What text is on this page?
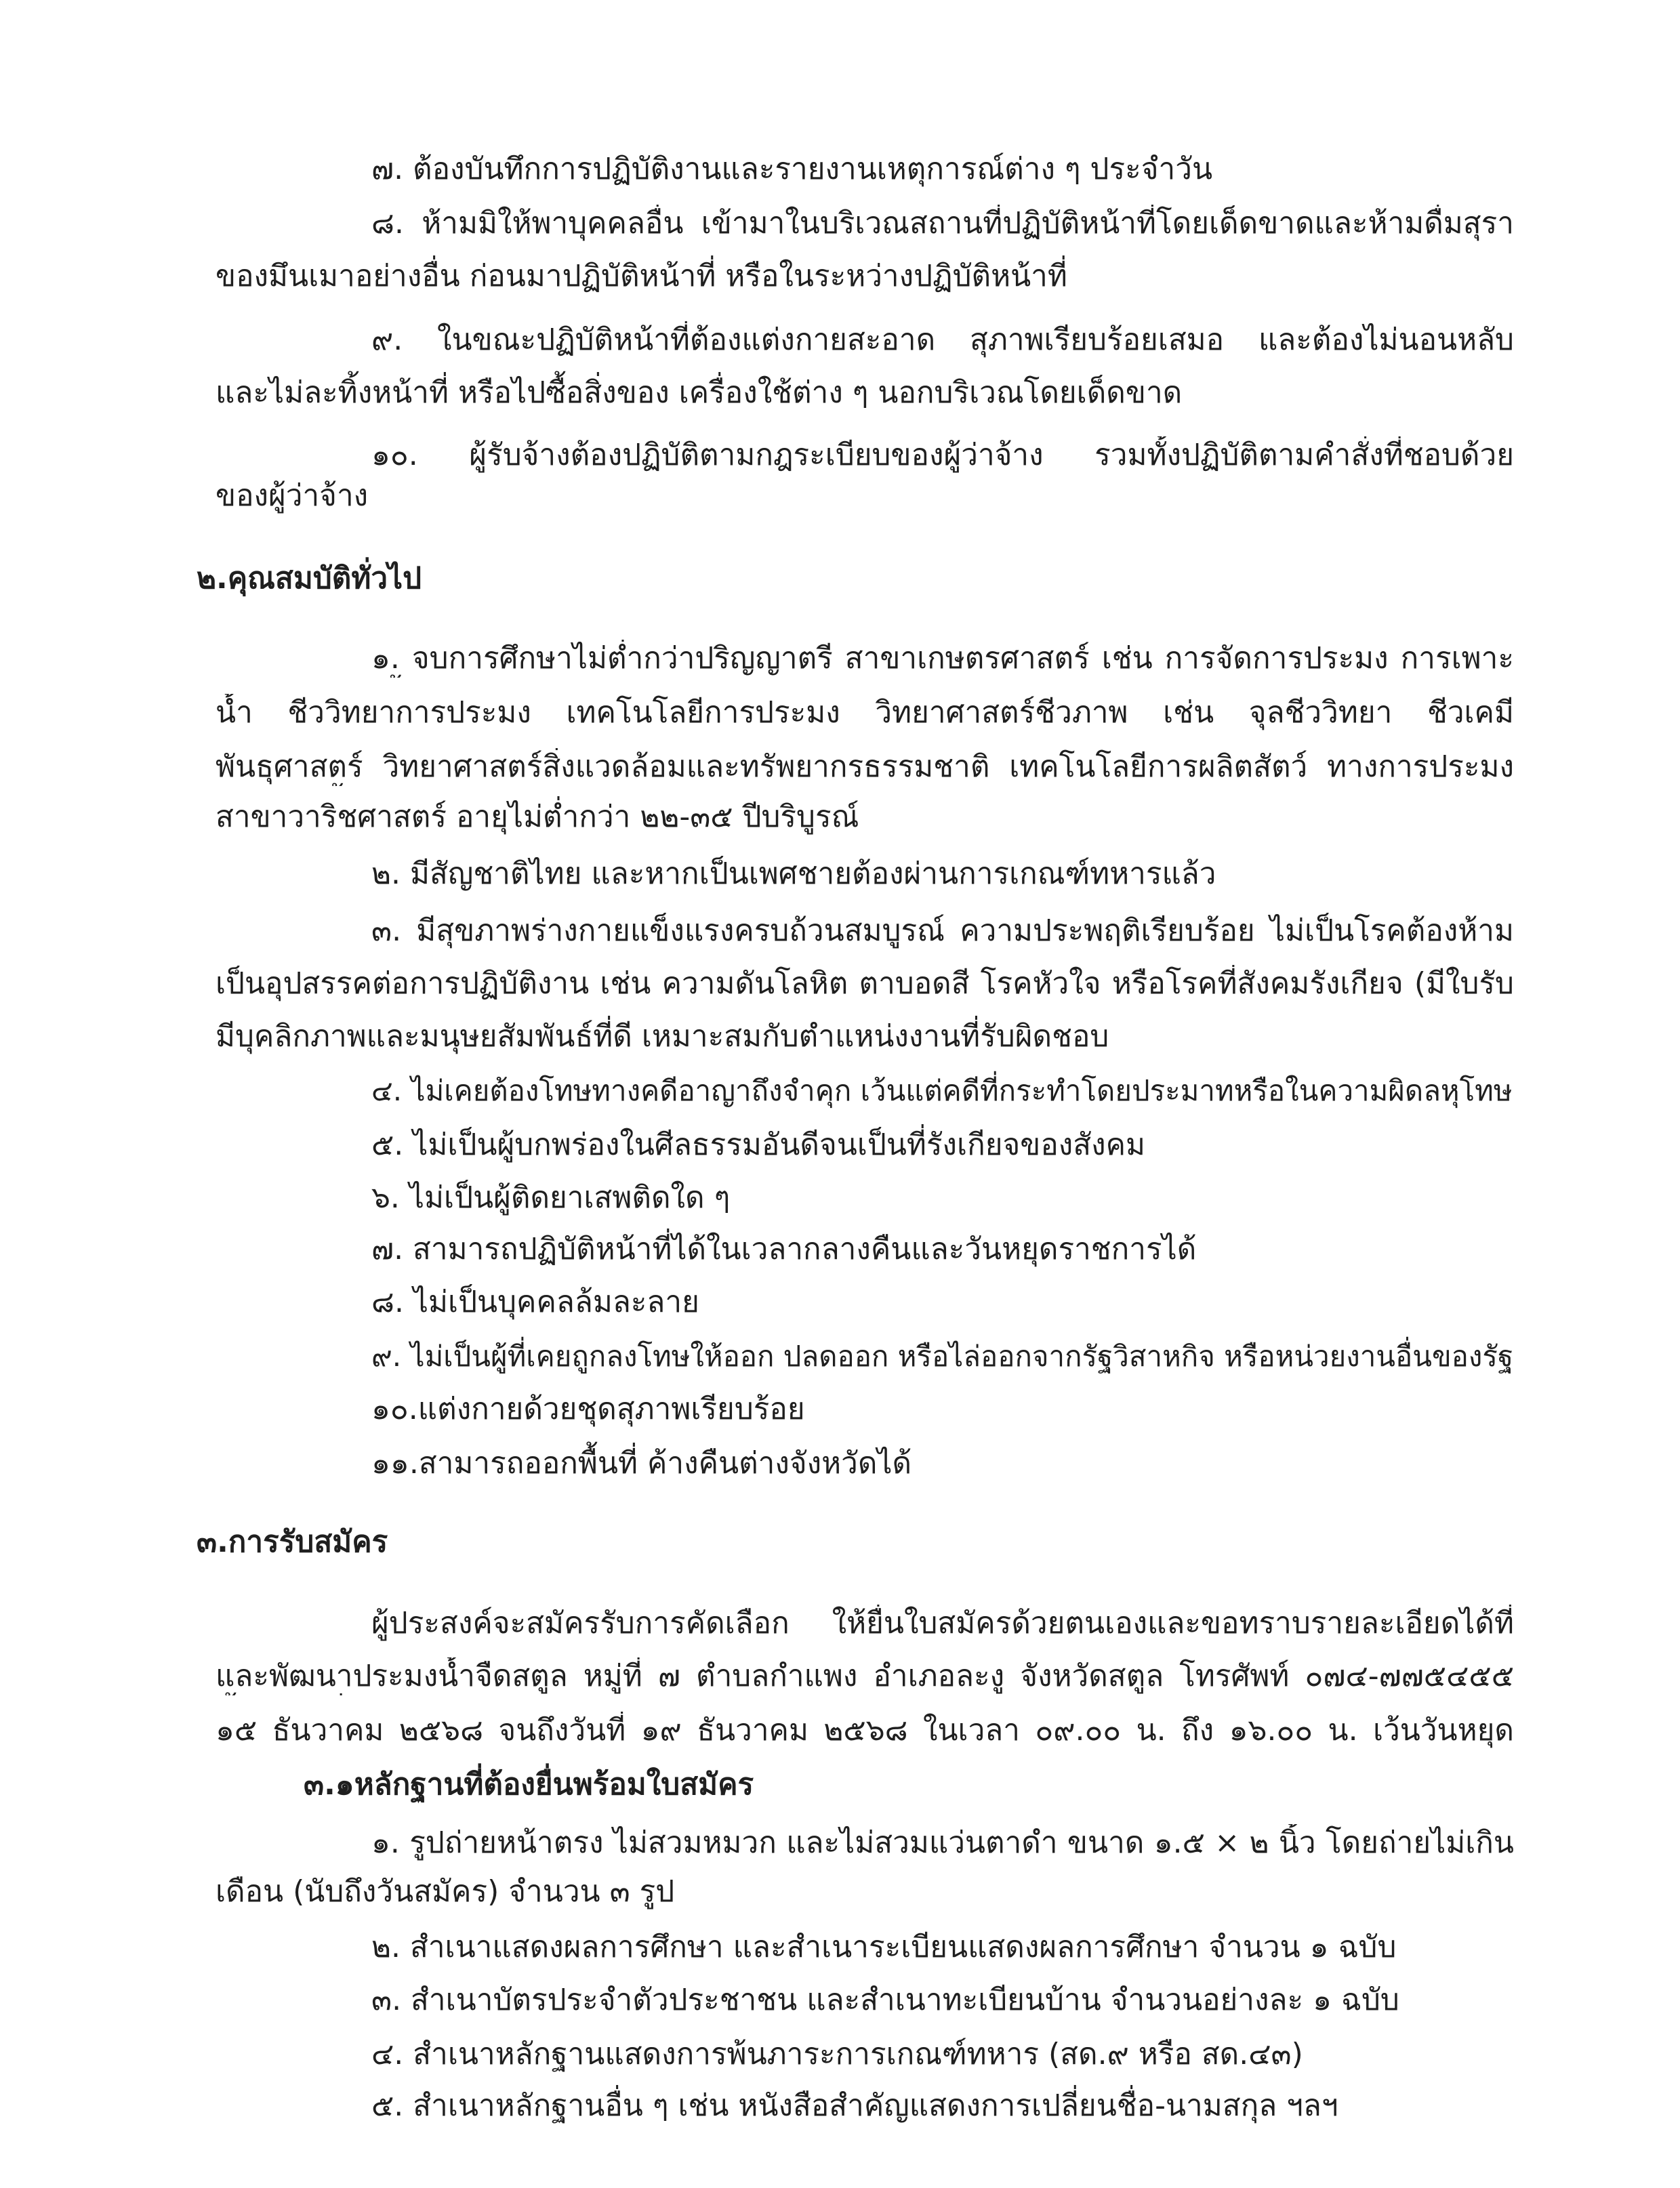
๗. ต้องบันทึกการปฏิบัติงานและรายงานเหตุการณ์ต่าง ๆ ประจำวัน
๘. ห้ามมิให้พาบุคคลอื่น เข้ามาในบริเวณสถานที่ปฏิบัติหน้าที่โดยเด็ดขาดและห้ามดื่มสุรา
ของมึนเมาอย่างอื่น ก่อนมาปฏิบัติหน้าที่ หรือในระหว่างปฏิบัติหน้าที่
๙. ในขณะปฏิบัติหน้าที่ต้องแต่งกายสะอาด สุภาพเรียบร้อยเสมอ และต้องไม่นอนหลับ
และไม่ละทิ้งหน้าที่ หรือไปซื้อสิ่งของ เครื่องใช้ต่าง ๆ นอกบริเวณโดยเด็ดขาด
๑๐. ผู้รับจ้างต้องปฏิบัติตามกฎระเบียบของผู้ว่าจ้าง รวมทั้งปฏิบัติตามคำสั่งที่ชอบด้วย
ของผู้ว่าจ้าง
๒.คุณสมบัติทั่วไป
๑. จบการศึกษาไม่ต่ำกว่าปริญญาตรี สาขาเกษตรศาสตร์ เช่น การจัดการประมง การเพาะ
น้ำ ชีววิทยาการประมง เทคโนโลยีการประมง วิทยาศาสตร์ชีวภาพ เช่น จุลชีววิทยา ชีวเคมี
พันธุศาสตร์ วิทยาศาสตร์สิ่งแวดล้อมและทรัพยากรธรรมชาติ เทคโนโลยีการผลิตสัตว์ ทางการประมง
สาขาวาริชศาสตร์ อายุไม่ต่ำกว่า ๒๒-๓๕ ปีบริบูรณ์
๒. มีสัญชาติไทย และหากเป็นเพศชายต้องผ่านการเกณฑ์ทหารแล้ว
๓. มีสุขภาพร่างกายแข็งแรงครบถ้วนสมบูรณ์ ความประพฤติเรียบร้อย ไม่เป็นโรคต้องห้าม
เป็นอุปสรรคต่อการปฏิบัติงาน เช่น ความดันโลหิต ตาบอดสี โรคหัวใจ หรือโรคที่สังคมรังเกียจ (มีใบรับ
มีบุคลิกภาพและมนุษยสัมพันธ์ที่ดี เหมาะสมกับตำแหน่งงานที่รับผิดชอบ
๔. ไม่เคยต้องโทษทางคดีอาญาถึงจำคุก เว้นแต่คดีที่กระทำโดยประมาทหรือในความผิดลหุโทษ
๕. ไม่เป็นผู้บกพร่องในศีลธรรมอันดีจนเป็นที่รังเกียจของสังคม
๖. ไม่เป็นผู้ติดยาเสพติดใด ๆ
๗. สามารถปฏิบัติหน้าที่ได้ในเวลากลางคืนและวันหยุดราชการได้
๘. ไม่เป็นบุคคลล้มละลาย
๙. ไม่เป็นผู้ที่เคยถูกลงโทษให้ออก ปลดออก หรือไล่ออกจากรัฐวิสาหกิจ หรือหน่วยงานอื่นของรัฐ
๑๐.แต่งกายด้วยชุดสุภาพเรียบร้อย
๑๑.สามารถออกพื้นที่ ค้างคืนต่างจังหวัดได้
๓.การรับสมัคร
ผู้ประสงค์จะสมัครรับการคัดเลือก ให้ยื่นใบสมัครด้วยตนเองและขอทราบรายละเอียดได้ที่
และพัฒนาประมงน้ำจืดสตูล หมู่ที่ ๗ ตำบลกำแพง อำเภอละงู จังหวัดสตูล โทรศัพท์ ๐๗๔-๗๗๕๔๕๕
๑๕ ธันวาคม ๒๕๖๘ จนถึงวันที่ ๑๙ ธันวาคม ๒๕๖๘ ในเวลา ๐๙.๐๐ น. ถึง ๑๖.๐๐ น. เว้นวันหยุด
๓.๑หลักฐานที่ต้องยื่นพร้อมใบสมัคร
๑. รูปถ่ายหน้าตรง ไม่สวมหมวก และไม่สวมแว่นตาดำ ขนาด ๑.๕ × ๒ นิ้ว โดยถ่ายไม่เกิน
เดือน (นับถึงวันสมัคร) จำนวน ๓ รูป
๒. สำเนาแสดงผลการศึกษา และสำเนาระเบียนแสดงผลการศึกษา จำนวน ๑ ฉบับ
๓. สำเนาบัตรประจำตัวประชาชน และสำเนาทะเบียนบ้าน จำนวนอย่างละ ๑ ฉบับ
๔. สำเนาหลักฐานแสดงการพ้นภาระการเกณฑ์ทหาร (สด.๙ หรือ สด.๔๓)
๕. สำเนาหลักฐานอื่น ๆ เช่น หนังสือสำคัญแสดงการเปลี่ยนชื่อ-นามสกุล ฯลฯ
